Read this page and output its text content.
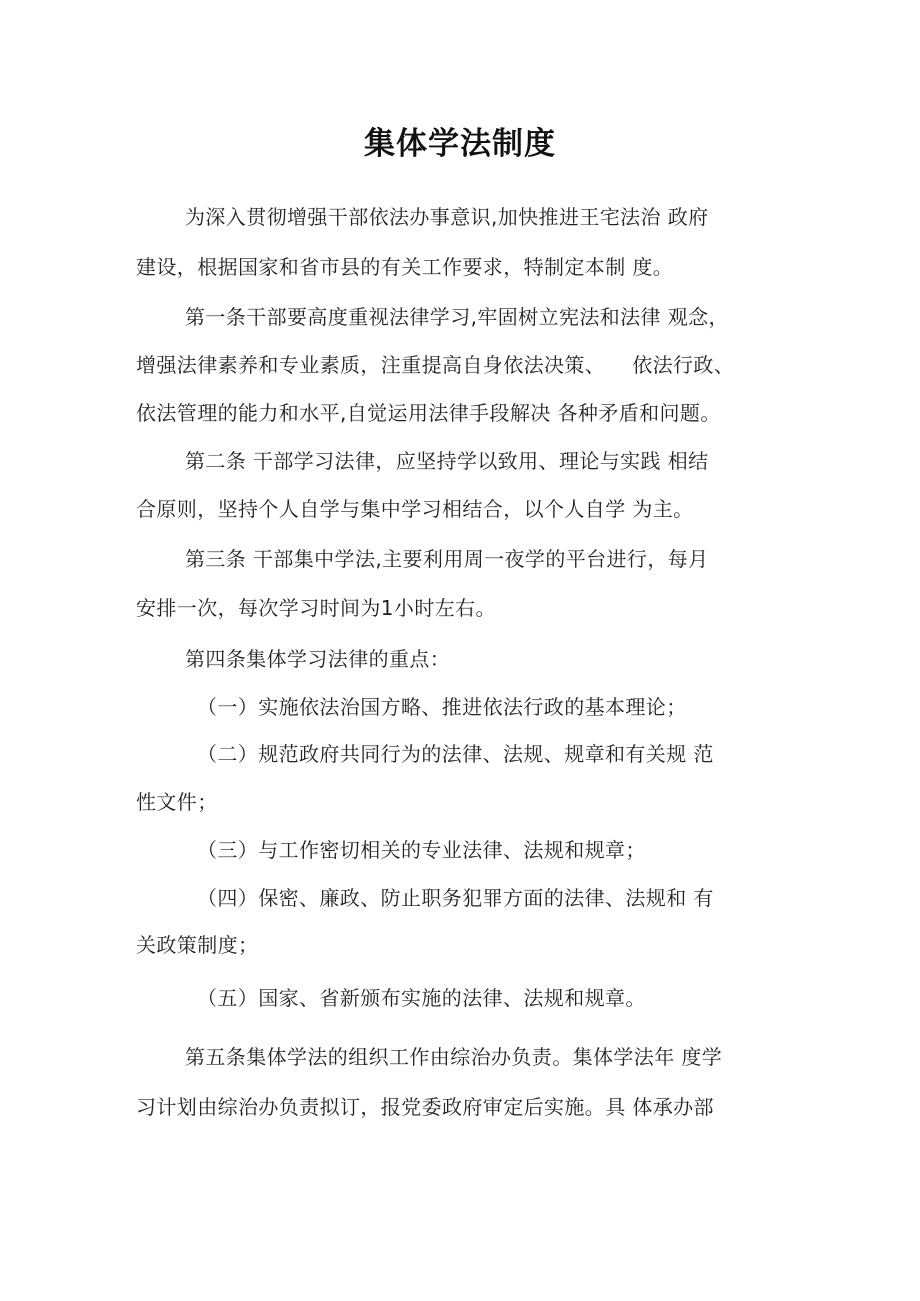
集体学法制度

为深入贯彻增强干部依法办事意识,加快推进王宅法治 政府

建设，根据国家和省市县的有关工作要求，特制定本制 度。

第一条干部要高度重视法律学习,牢固树立宪法和法律 观念，

增强法律素养和专业素质，注重提高自身依法决策、    依法行政、

依法管理的能力和水平,自觉运用法律手段解决 各种矛盾和问题。

第二条 干部学习法律，应坚持学以致用、理论与实践 相结

合原则，坚持个人自学与集中学习相结合，以个人自学 为主。

第三条 干部集中学法,主要利用周一夜学的平台进行，每月

安排一次，每次学习时间为1小时左右。

第四条集体学习法律的重点：

（一）实施依法治国方略、推进依法行政的基本理论；

（二）规范政府共同行为的法律、法规、规章和有关规 范

性文件；

（三）与工作密切相关的专业法律、法规和规章；

（四）保密、廉政、防止职务犯罪方面的法律、法规和 有

关政策制度；

（五）国家、省新颁布实施的法律、法规和规章。

第五条集体学法的组织工作由综治办负责。集体学法年 度学

习计划由综治办负责拟订，报党委政府审定后实施。具 体承办部
